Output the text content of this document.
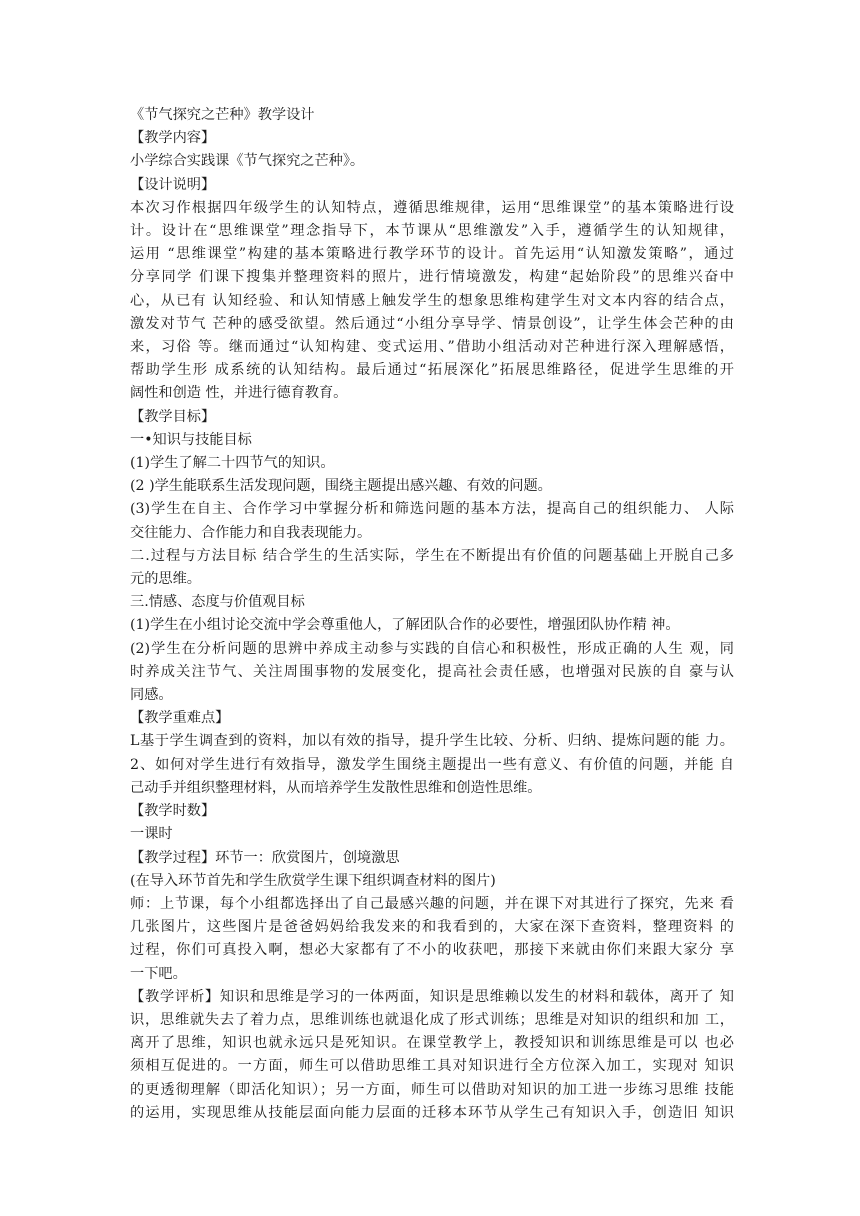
《节气探究之芒种》教学设计
【教学内容】
小学综合实践课《节气探究之芒种》。
【设计说明】
本次习作根据四年级学生的认知特点，遵循思维规律，运用“思维课堂”的基本策略进行设
计。设计在“思维课堂”理念指导下，本节课从“思维激发”入手，遵循学生的认知规律，
运用 “思维课堂”构建的基本策略进行教学环节的设计。首先运用“认知激发策略”，通过
分享同学 们课下搜集并整理资料的照片，进行情境激发，构建“起始阶段”的思维兴奋中
心，从已有 认知经验、和认知情感上触发学生的想象思维构建学生对文本内容的结合点，
激发对节气 芒种的感受欲望。然后通过“小组分享导学、情景创设”，让学生体会芒种的由
来，习俗 等。继而通过“认知构建、变式运用、”借助小组活动对芒种进行深入理解感悟，
帮助学生形 成系统的认知结构。最后通过“拓展深化”拓展思维路径，促进学生思维的开
阔性和创造 性，并进行德育教育。
【教学目标】
一•知识与技能目标
(1)学生了解二十四节气的知识。
(2 )学生能联系生活发现问题，围绕主题提出感兴趣、有效的问题。
(3)学生在自主、合作学习中掌握分析和筛选问题的基本方法，提高自己的组织能力、 人际
交往能力、合作能力和自我表现能力。
二.过程与方法目标 结合学生的生活实际，学生在不断提出有价值的问题基础上开脱自己多
元的思维。
三.情感、态度与价值观目标
(1)学生在小组讨论交流中学会尊重他人，了解团队合作的必要性，增强团队协作精 神。
(2)学生在分析问题的思辨中养成主动参与实践的自信心和积极性，形成正确的人生 观，同
时养成关注节气、关注周围事物的发展变化，提高社会责任感，也增强对民族的自 豪与认
同感。
【教学重难点】
L基于学生调查到的资料，加以有效的指导，提升学生比较、分析、归纳、提炼问题的能 力。
2、如何对学生进行有效指导，激发学生围绕主题提出一些有意义、有价值的问题，并能 自
己动手并组织整理材料，从而培养学生发散性思维和创造性思维。
【教学时数】
一课时
【教学过程】环节一：欣赏图片，创境激思
(在导入环节首先和学生欣赏学生课下组织调查材料的图片)
师：上节课，每个小组都选择出了自己最感兴趣的问题，并在课下对其进行了探究，先来 看
几张图片，这些图片是爸爸妈妈给我发来的和我看到的，大家在深下查资料，整理资料 的
过程，你们可真投入啊，想必大家都有了不小的收获吧，那接下来就由你们来跟大家分 享
一下吧。
【教学评析】知识和思维是学习的一体两面，知识是思维赖以发生的材料和载体，离开了 知
识，思维就失去了着力点，思维训练也就退化成了形式训练；思维是对知识的组织和加 工，
离开了思维，知识也就永远只是死知识。在课堂教学上，教授知识和训练思维是可以 也必
须相互促进的。一方面，师生可以借助思维工具对知识进行全方位深入加工，实现对 知识
的更透彻理解（即活化知识）；另一方面，师生可以借助对知识的加工进一步练习思维 技能
的运用，实现思维从技能层面向能力层面的迁移本环节从学生己有知识入手，创造旧 知识
